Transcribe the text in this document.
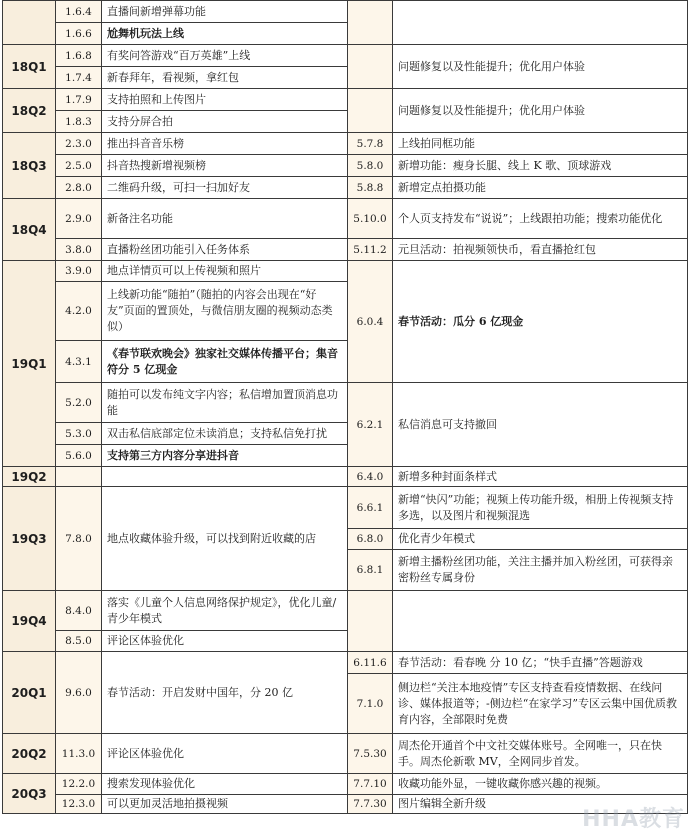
	1.6.4	直播间新增弹幕功能		
	1.6.6	尬舞机玩法上线		
18Q1	1.6.8	有奖问答游戏“百万英雄”上线		问题修复以及性能提升；优化用户体验
	1.7.4	新春拜年，看视频，拿红包		
18Q2	1.7.9	支持拍照和上传图片		问题修复以及性能提升；优化用户体验
	1.8.3	支持分屏合拍		
18Q3	2.3.0	推出抖音音乐榜	5.7.8	上线拍同框功能
	2.5.0	抖音热搜新增视频榜	5.8.0	新增功能：瘦身长腿、线上 K 歌、顶球游戏
	2.8.0	二维码升级，可扫一扫加好友	5.8.8	新增定点拍摄功能
18Q4	2.9.0	新备注名功能	5.10.0	个人页支持发布“说说”；上线跟拍功能；搜索功能优化
	3.8.0	直播粉丝团功能引入任务体系	5.11.2	元旦活动：拍视频领快币，看直播抢红包
19Q1	3.9.0	地点详情页可以上传视频和照片	6.0.4	春节活动：瓜分 6 亿现金
	4.2.0	上线新功能“随拍”（随拍的内容会出现在“好友”页面的置顶处，与微信朋友圈的视频动态类似）		
	4.3.1	《春节联欢晚会》独家社交媒体传播平台；集音符分 5 亿现金		
	5.2.0	随拍可以发布纯文字内容；私信增加置顶消息功能	6.2.1	私信消息可支持撤回
	5.3.0	双击私信底部定位未读消息；支持私信免打扰		
	5.6.0	支持第三方内容分享进抖音		
19Q2			6.4.0	新增多种封面条样式
19Q3	7.8.0	地点收藏体验升级，可以找到附近收藏的店	6.6.1	新增“快闪”功能；视频上传功能升级，相册上传视频支持多选，以及图片和视频混选
			6.8.0	优化青少年模式
			6.8.1	新增主播粉丝团功能，关注主播并加入粉丝团，可获得亲密粉丝专属身份
19Q4	8.4.0	落实《儿童个人信息网络保护规定》，优化儿童/青少年模式		
	8.5.0	评论区体验优化		
20Q1	9.6.0	春节活动：开启发财中国年，分 20 亿	6.11.6	春节活动：看春晚 分 10 亿；“快手直播”答题游戏
			7.1.0	侧边栏“关注本地疫情”专区支持查看疫情数据、在线问诊、媒体报道等；-侧边栏“在家学习”专区云集中国优质教育内容，全部限时免费
20Q2	11.3.0	评论区体验优化	7.5.30	周杰伦开通首个中文社交媒体账号。全网唯一，只在快手。周杰伦新歌 MV，全网同步首发。
20Q3	12.2.0	搜索发现体验优化	7.7.10	收藏功能外显，一键收藏你感兴趣的视频。
	12.3.0	可以更加灵活地拍摄视频	7.7.30	图片编辑全新升级
HHA教育
